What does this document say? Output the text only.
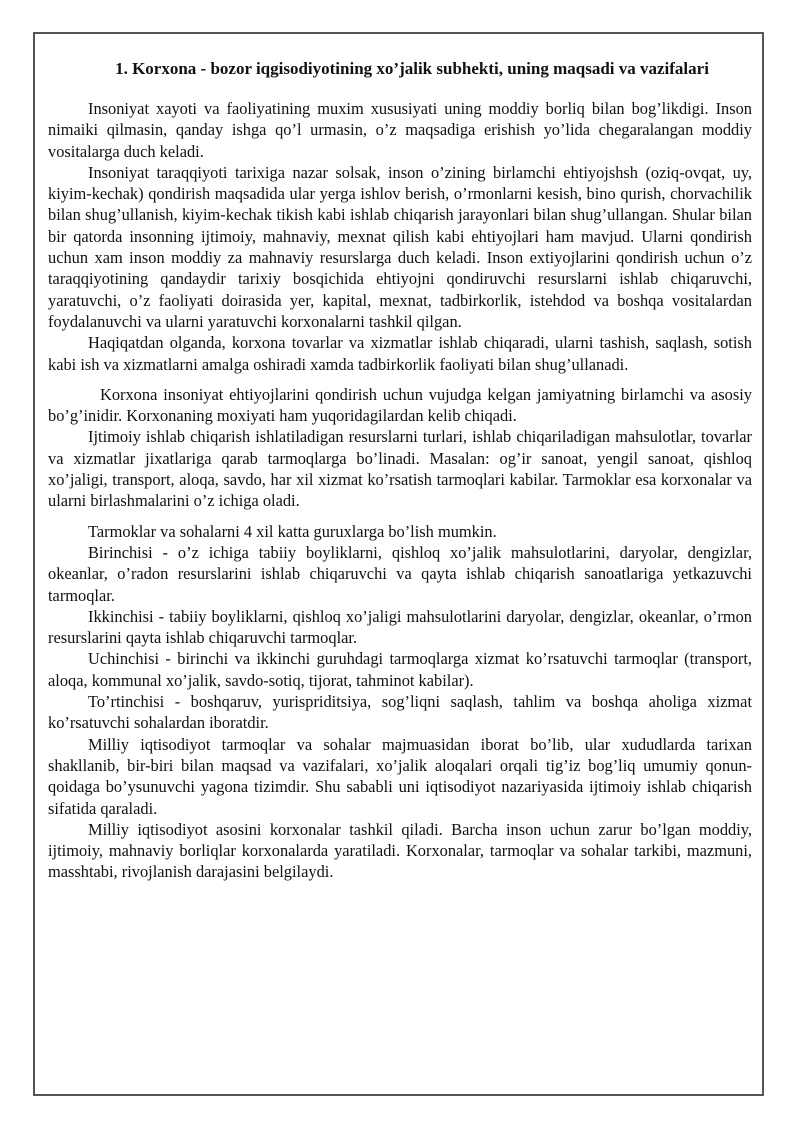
1. Korxona - bozor iqgisodiyotining xo’jalik subhekti, uning maqsadi va vazifalari

Insoniyat xayoti va faoliyatining muxim xususiyati uning moddiy borliq bilan bog’likdigi. Inson nimaiki qilmasin, qanday ishga qo’l urmasin, o’z maqsadiga erishish yo’lida chegaralangan moddiy vositalarga duch keladi.

Insoniyat taraqqiyoti tarixiga nazar solsak, inson o’zining birlamchi ehtiyojshsh (oziq-ovqat, uy, kiyim-kechak) qondirish maqsadida ular yerga ishlov berish, o’rmonlarni kesish, bino qurish, chorvachilik bilan shug’ullanish, kiyim-kechak tikish kabi ishlab chiqarish jarayonlari bilan shug’ullangan. Shular bilan bir qatorda insonning ijtimoiy, mahnaviy, mexnat qilish kabi ehtiyojlari ham mavjud. Ularni qondirish uchun xam inson moddiy za mahnaviy resurslarga duch keladi. Inson extiyojlarini qondirish uchun o’z taraqqiyotining qandaydir tarixiy bosqichida ehtiyojni qondiruvchi resurslarni ishlab chiqaruvchi, yaratuvchi, o’z faoliyati doirasida yer, kapital, mexnat, tadbirkorlik, istehdod va boshqa vositalardan foydalanuvchi va ularni yaratuvchi korxonalarni tashkil qilgan.

Haqiqatdan olganda, korxona tovarlar va xizmatlar ishlab chiqaradi, ularni tashish, saqlash, sotish kabi ish va xizmatlarni amalga oshiradi xamda tadbirkorlik faoliyati bilan shug’ullanadi.

Korxona insoniyat ehtiyojlarini qondirish uchun vujudga kelgan jamiyatning birlamchi va asosiy bo’g’inidir. Korxonaning moxiyati ham yuqoridagilardan kelib chiqadi.

Ijtimoiy ishlab chiqarish ishlatiladigan resurslarni turlari, ishlab chiqariladigan mahsulotlar, tovarlar va xizmatlar jixatlariga qarab tarmoqlarga bo’linadi. Masalan: og’ir sanoat, yengil sanoat, qishloq xo’jaligi, transport, aloqa, savdo, har xil xizmat ko’rsatish tarmoqlari kabilar. Tarmoklar esa korxonalar va ularni birlashmalarini o’z ichiga oladi.

Tarmoklar va sohalarni 4 xil katta guruxlarga bo’lish mumkin.

Birinchisi - o’z ichiga tabiiy boyliklarni, qishloq xo’jalik mahsulotlarini, daryolar, dengizlar, okeanlar, o’radon resurslarini ishlab chiqaruvchi va qayta ishlab chiqarish sanoatlariga yetkazuvchi tarmoqlar.

Ikkinchisi - tabiiy boyliklarni, qishloq xo’jaligi mahsulotlarini daryolar, dengizlar, okeanlar, o’rmon resurslarini qayta ishlab chiqaruvchi tarmoqlar.

Uchinchisi - birinchi va ikkinchi guruhdagi tarmoqlarga xizmat ko’rsatuvchi tarmoqlar (transport, aloqa, kommunal xo’jalik, savdo-sotiq, tijorat, tahminot kabilar).

To’rtinchisi - boshqaruv, yurispriditsiya, sog’liqni saqlash, tahlim va boshqa aholiga xizmat ko’rsatuvchi sohalardan iboratdir.

Milliy iqtisodiyot tarmoqlar va sohalar majmuasidan iborat bo’lib, ular xududlarda tarixan shakllanib, bir-biri bilan maqsad va vazifalari, xo’jalik aloqalari orqali tig’iz bog’liq umumiy qonun-qoidaga bo’ysunuvchi yagona tizimdir. Shu sababli uni iqtisodiyot nazariyasida ijtimoiy ishlab chiqarish sifatida qaraladi.

Milliy iqtisodiyot asosini korxonalar tashkil qiladi. Barcha inson uchun zarur bo’lgan moddiy, ijtimoiy, mahnaviy borliqlar korxonalarda yaratiladi. Korxonalar, tarmoqlar va sohalar tarkibi, mazmuni, masshtabi, rivojlanish darajasini belgilaydi.
